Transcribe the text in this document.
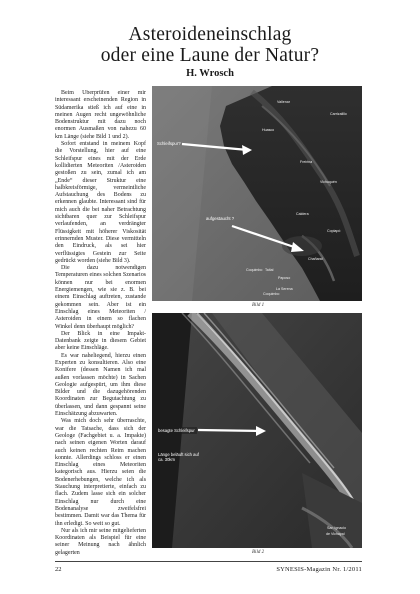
Asteroideneinschlag
oder eine Laune der Natur?
H. Wrosch

Beim Überprüfen einer mir interessant erscheinenden Region in Südamerika stieß ich auf eine in meinen Augen recht ungewöhnliche Bodenstruktur mit dazu noch enormen Ausmaßen von nahezu 60 km Länge (siehe Bild 1 und 2).

Sofort entstand in meinem Kopf die Vorstellung, hier auf eine Schleifspur eines mit der Erde kollidierten Meteoriten /Asteroiden gestoßen zu sein, zumal ich am „Ende“ dieser Struktur eine halbkreisförmige, vermeintliche Aufstauchung des Bodens zu erkennen glaubte. Interessant sind für mich auch die bei naher Betrachtung sichtbaren quer zur Schleifspur verlaufenden, an verdrängter Flüssigkeit mit höherer Viskosität erinnernden Muster. Diese vermitteln den Eindruck, als sei hier verflüssigtes Gestein zur Seite gedrückt worden (siehe Bild 3).

Die dazu notwendigen Temperaturen eines solchen Szenarios können nur bei enormen Energiemengen, wie sie z. B. bei einem Einschlag auftreten, zustande gekommen sein. Aber ist ein Einschlag eines Meteoriten / Asteroiden in einem so flachen Winkel denn überhaupt möglich?

Der Blick in eine Impakt-Datenbank zeigte in diesem Gebiet aber keine Einschläge.

Es war naheliegend, hierzu einen Experten zu konsultieren. Also eine Konifere (dessen Namen ich mal außen vorlassen möchte) in Sachen Geologie aufgespürt, um ihm diese Bilder und die dazugehörenden Koordinaten zur Begutachtung zu überlassen, und dann gespannt seine Einschätzung abzuwarten.

Was mich doch sehr überraschte, war die Tatsache, dass sich der Geologe (Fachgebiet u. a. Impakte) nach seinen eigenen Worten darauf auch keinen rechten Reim machen konnte. Allerdings schloss er einen Einschlag eines Meteoriten kategorisch aus. Hierzu seien die Bodenerhebungen, welche ich als Stauchung interpretierte, einfach zu flach. Zudem lasse sich ein solcher Einschlag nur durch eine Bodenanalyse zweifelsfrei bestimmen. Damit war das Thema für ihn erledigt. So weit so gut.

Nur als ich mir seine mitgelieferten Koordinaten als Beispiel für eine seiner Meinung nach ähnlich gelagerten

Schleifspur?
aufgestaucht ?
Vallenar
Carrizalillo
Huasco
Freirina
Vichuquén
Caldera
Copiapó
Chañaral
Taltal
Paposo
Coquimbo
La Serena
Coquimbo
Bild 1
besagte Schleifspur
Länge beläuft sich auf
ca. 30km
San Ignacio
de Vichayal
Bild 2
22	SYNESIS-Magazin Nr. 1/2011
